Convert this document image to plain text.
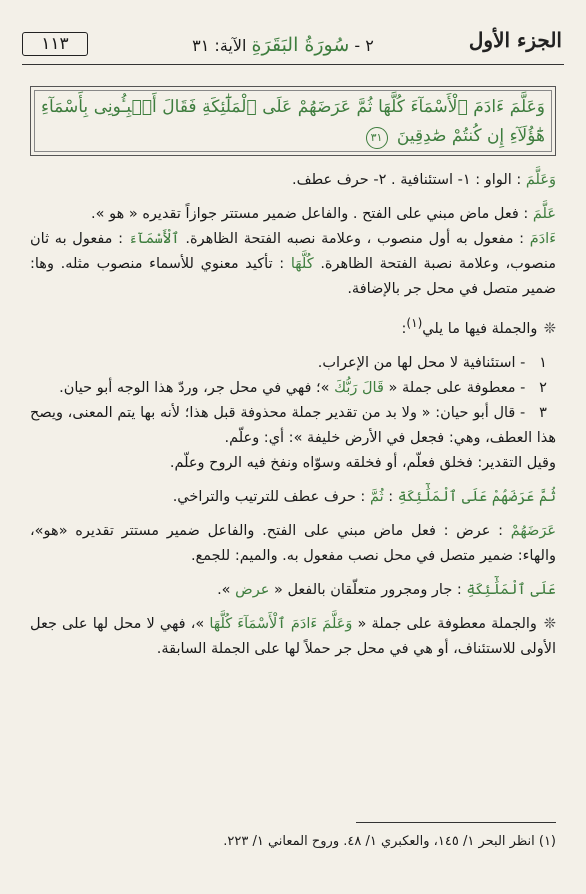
الجزء الأول
٢ - سُورَةُ البَقَرَةِ الآية: ٣١
١١٣
وَعَلَّمَ ءَادَمَ ٱلْأَسْمَآءَ كُلَّهَا ثُمَّ عَرَضَهُمْ عَلَى ٱلْمَلَٰٓئِكَةِ فَقَالَ أَنۢبِـُٔونِى بِأَسْمَآءِ هَٰٓؤُلَآءِ إِن كُنتُمْ صَٰدِقِينَ ٣١

وَعَلَّمَ : الواو : ١- استئنافية . ٢- حرف عطف.

عَلَّمَ : فعل ماض مبني على الفتح . والفاعل ضمير مستتر جوازاً تقديره « هو ».

ءَادَمَ : مفعول به أول منصوب ، وعلامة نصبه الفتحة الظاهرة. ٱلْأَسْمَآءَ : مفعول به ثان منصوب، وعلامة نصبة الفتحة الظاهرة. كُلَّهَا : تأكيد معنوي للأسماء منصوب مثله. وها: ضمير متصل في محل جر بالإضافة.

❊ والجملة فيها ما يلي$^{(١)}$:

١ - استئنافية لا محل لها من الإعراب.

٢ - معطوفة على جملة « قَالَ رَبُّكَ »؛ فهي في محل جر، وردّ هذا الوجه أبو حيان.

٣ - قال أبو حيان: « ولا بد من تقدير جملة محذوفة قبل هذا؛ لأنه بها يتم المعنى، ويصح هذا العطف، وهي: فجعل في الأرض خليفة »: أي: وعلّم.

وقيل التقدير: فخلق فعلّم، أو فخلقه وسوّاه ونفخ فيه الروح وعلّم.

ثُمَّ عَرَضَهُمْ عَلَى ٱلْمَلَٰٓئِكَةِ : ثُمَّ : حرف عطف للترتيب والتراخي.

عَرَضَهُمْ : عرض : فعل ماض مبني على الفتح. والفاعل ضمير مستتر تقديره «هو»، والهاء: ضمير متصل في محل نصب مفعول به. والميم: للجمع.

عَلَى ٱلْمَلَٰٓئِكَةِ : جار ومجرور متعلّقان بالفعل « عرض ».

❊ والجملة معطوفة على جملة « وَعَلَّمَ ءَادَمَ ٱلْأَسْمَآءَ كُلَّهَا »، فهي لا محل لها على جعل الأولى للاستئناف، أو هي في محل جر حملاً لها على الجملة السابقة.

(١) انظر البحر ١/ ١٤٥، والعكبري ١/ ٤٨. وروح المعاني ١/ ٢٢٣.
